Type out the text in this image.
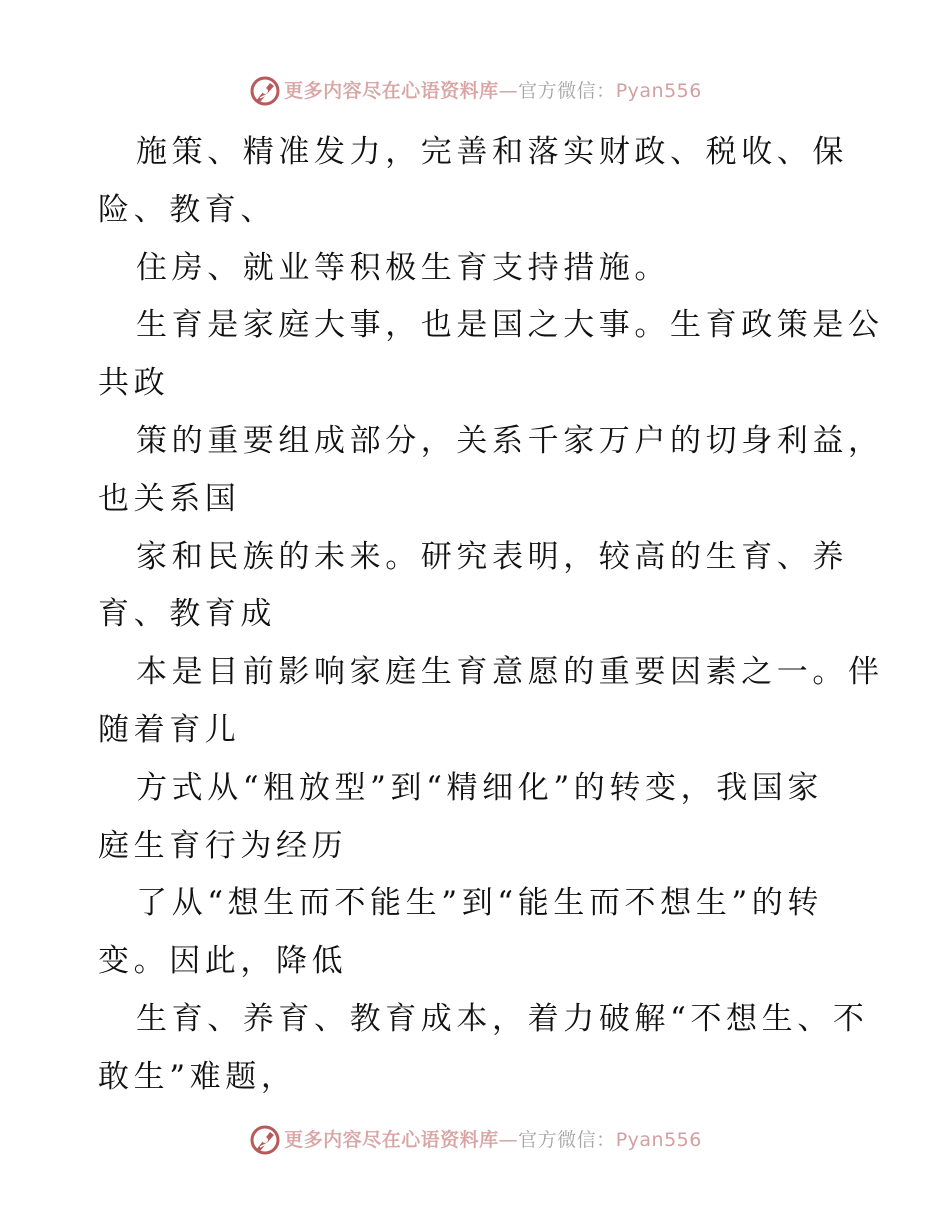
更多内容尽在心语资料库—官方微信：Pyan556
施策、精准发力，完善和落实财政、税收、保
险、教育、
住房、就业等积极生育支持措施。
生育是家庭大事，也是国之大事。生育政策是公
共政
策的重要组成部分，关系千家万户的切身利益，
也关系国
家和民族的未来。研究表明，较高的生育、养
育、教育成
本是目前影响家庭生育意愿的重要因素之一。伴
随着育儿
方式从“粗放型”到“精细化”的转变，我国家
庭生育行为经历
了从“想生而不能生”到“能生而不想生”的转
变。因此，降低
生育、养育、教育成本，着力破解“不想生、不
敢生”难题，
更多内容尽在心语资料库—官方微信：Pyan556
